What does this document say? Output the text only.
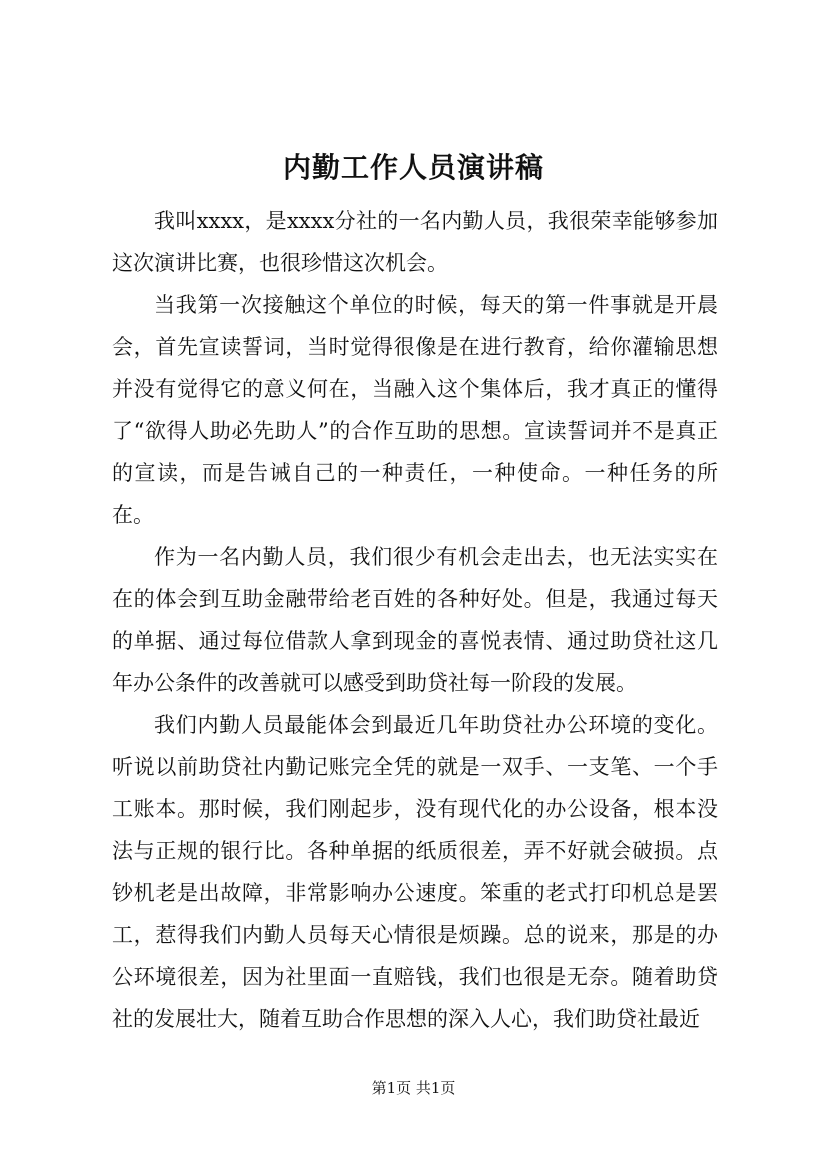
内勤工作人员演讲稿

我叫xxxx，是xxxx分社的一名内勤人员，我很荣幸能够参加这次演讲比赛，也很珍惜这次机会。

当我第一次接触这个单位的时候，每天的第一件事就是开晨会，首先宣读誓词，当时觉得很像是在进行教育，给你灌输思想并没有觉得它的意义何在，当融入这个集体后，我才真正的懂得了“欲得人助必先助人”的合作互助的思想。宣读誓词并不是真正的宣读，而是告诫自己的一种责任，一种使命。一种任务的所在。

作为一名内勤人员，我们很少有机会走出去，也无法实实在在的体会到互助金融带给老百姓的各种好处。但是，我通过每天的单据、通过每位借款人拿到现金的喜悦表情、通过助贷社这几年办公条件的改善就可以感受到助贷社每一阶段的发展。

我们内勤人员最能体会到最近几年助贷社办公环境的变化。听说以前助贷社内勤记账完全凭的就是一双手、一支笔、一个手工账本。那时候，我们刚起步，没有现代化的办公设备，根本没法与正规的银行比。各种单据的纸质很差，弄不好就会破损。点钞机老是出故障，非常影响办公速度。笨重的老式打印机总是罢工，惹得我们内勤人员每天心情很是烦躁。总的说来，那是的办公环境很差，因为社里面一直赔钱，我们也很是无奈。随着助贷社的发展壮大，随着互助合作思想的深入人心，我们助贷社最近

第1页 共1页
